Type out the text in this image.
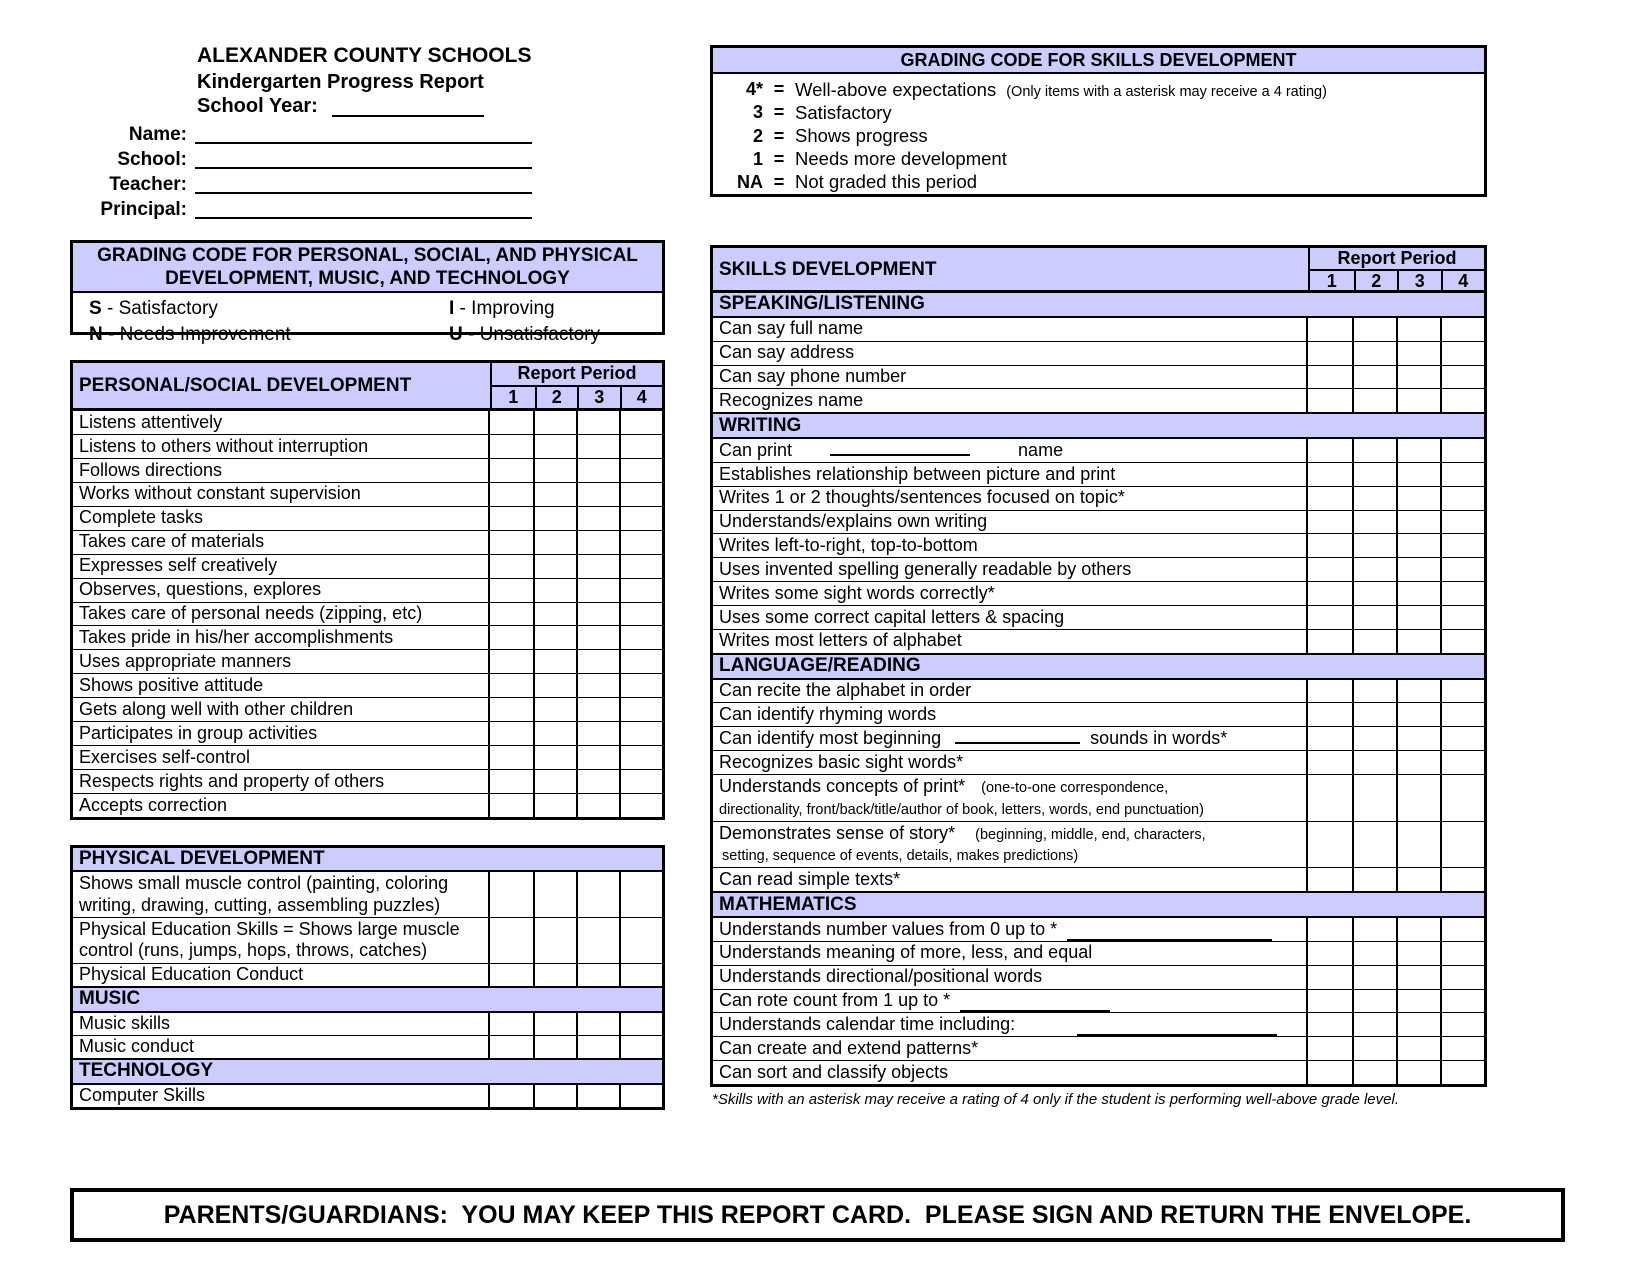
ALEXANDER COUNTY SCHOOLS
Kindergarten Progress Report
School Year:
Name:
School:
Teacher:
Principal:
GRADING CODE FOR SKILLS DEVELOPMENT
4* = Well-above expectations (Only items with a asterisk may receive a 4 rating)
3 = Satisfactory
2 = Shows progress
1 = Needs more development
NA = Not graded this period
GRADING CODE FOR PERSONAL, SOCIAL, AND PHYSICAL
DEVELOPMENT, MUSIC, AND TECHNOLOGY
S - Satisfactory	I - Improving
N - Needs Improvement	U - Unsatisfactory
PERSONAL/SOCIAL DEVELOPMENT
Report Period
1	2	3	4
Listens attentively
Listens to others without interruption
Follows directions
Works without constant supervision
Complete tasks
Takes care of materials
Expresses self creatively
Observes, questions, explores
Takes care of personal needs (zipping, etc)
Takes pride in his/her accomplishments
Uses appropriate manners
Shows positive attitude
Gets along well with other children
Participates in group activities
Exercises self-control
Respects rights and property of others
Accepts correction
PHYSICAL DEVELOPMENT
Shows small muscle control (painting, coloring
writing, drawing, cutting, assembling puzzles)
Physical Education Skills = Shows large muscle
control (runs, jumps, hops, throws, catches)
Physical Education Conduct
MUSIC
Music skills
Music conduct
TECHNOLOGY
Computer Skills
SKILLS DEVELOPMENT
Report Period
1	2	3	4
SPEAKING/LISTENING
Can say full name
Can say address
Can say phone number
Recognizes name
WRITING
Can print	name
Establishes relationship between picture and print
Writes 1 or 2 thoughts/sentences focused on topic*
Understands/explains own writing
Writes left-to-right, top-to-bottom
Uses invented spelling generally readable by others
Writes some sight words correctly*
Uses some correct capital letters & spacing
Writes most letters of alphabet
LANGUAGE/READING
Can recite the alphabet in order
Can identify rhyming words
Can identify most beginning	sounds in words*
Recognizes basic sight words*
Understands concepts of print* (one-to-one correspondence,
directionality, front/back/title/author of book, letters, words, end punctuation)
Demonstrates sense of story* (beginning, middle, end, characters,
setting, sequence of events, details, makes predictions)
Can read simple texts*
MATHEMATICS
Understands number values from 0 up to *
Understands meaning of more, less, and equal
Understands directional/positional words
Can rote count from 1 up to *
Understands calendar time including:
Can create and extend patterns*
Can sort and classify objects
*Skills with an asterisk may receive a rating of 4 only if the student is performing well-above grade level.
PARENTS/GUARDIANS:  YOU MAY KEEP THIS REPORT CARD.  PLEASE SIGN AND RETURN THE ENVELOPE.
